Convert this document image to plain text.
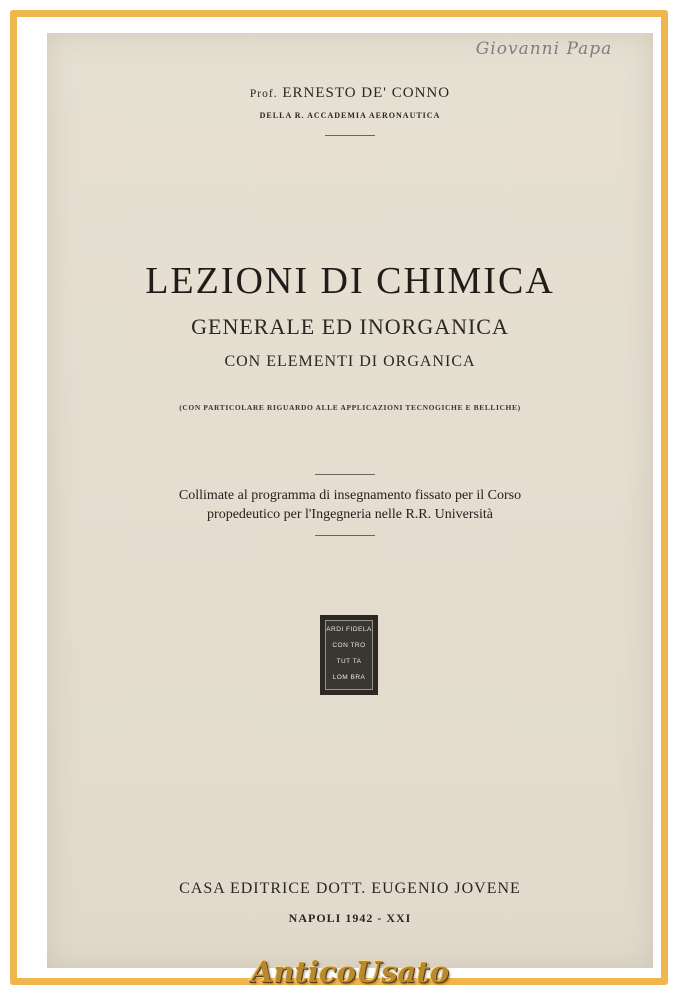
Giovanni Papa
Prof. ERNESTO DE' CONNO
DELLA R. ACCADEMIA AERONAUTICA
LEZIONI DI CHIMICA
GENERALE ED INORGANICA
CON ELEMENTI DI ORGANICA
(CON PARTICOLARE RIGUARDO ALLE APPLICAZIONI TECNOGICHE E BELLICHE)
Collimate al programma di insegnamento fissato per il Corso
propedeutico per l'Ingegneria nelle R.R. Università
ARDI FIDELA
CON TRO
TUT TA
LOM BRA
CASA EDITRICE DOTT. EUGENIO JOVENE
NAPOLI 1942 - XXI
AnticoUsato
